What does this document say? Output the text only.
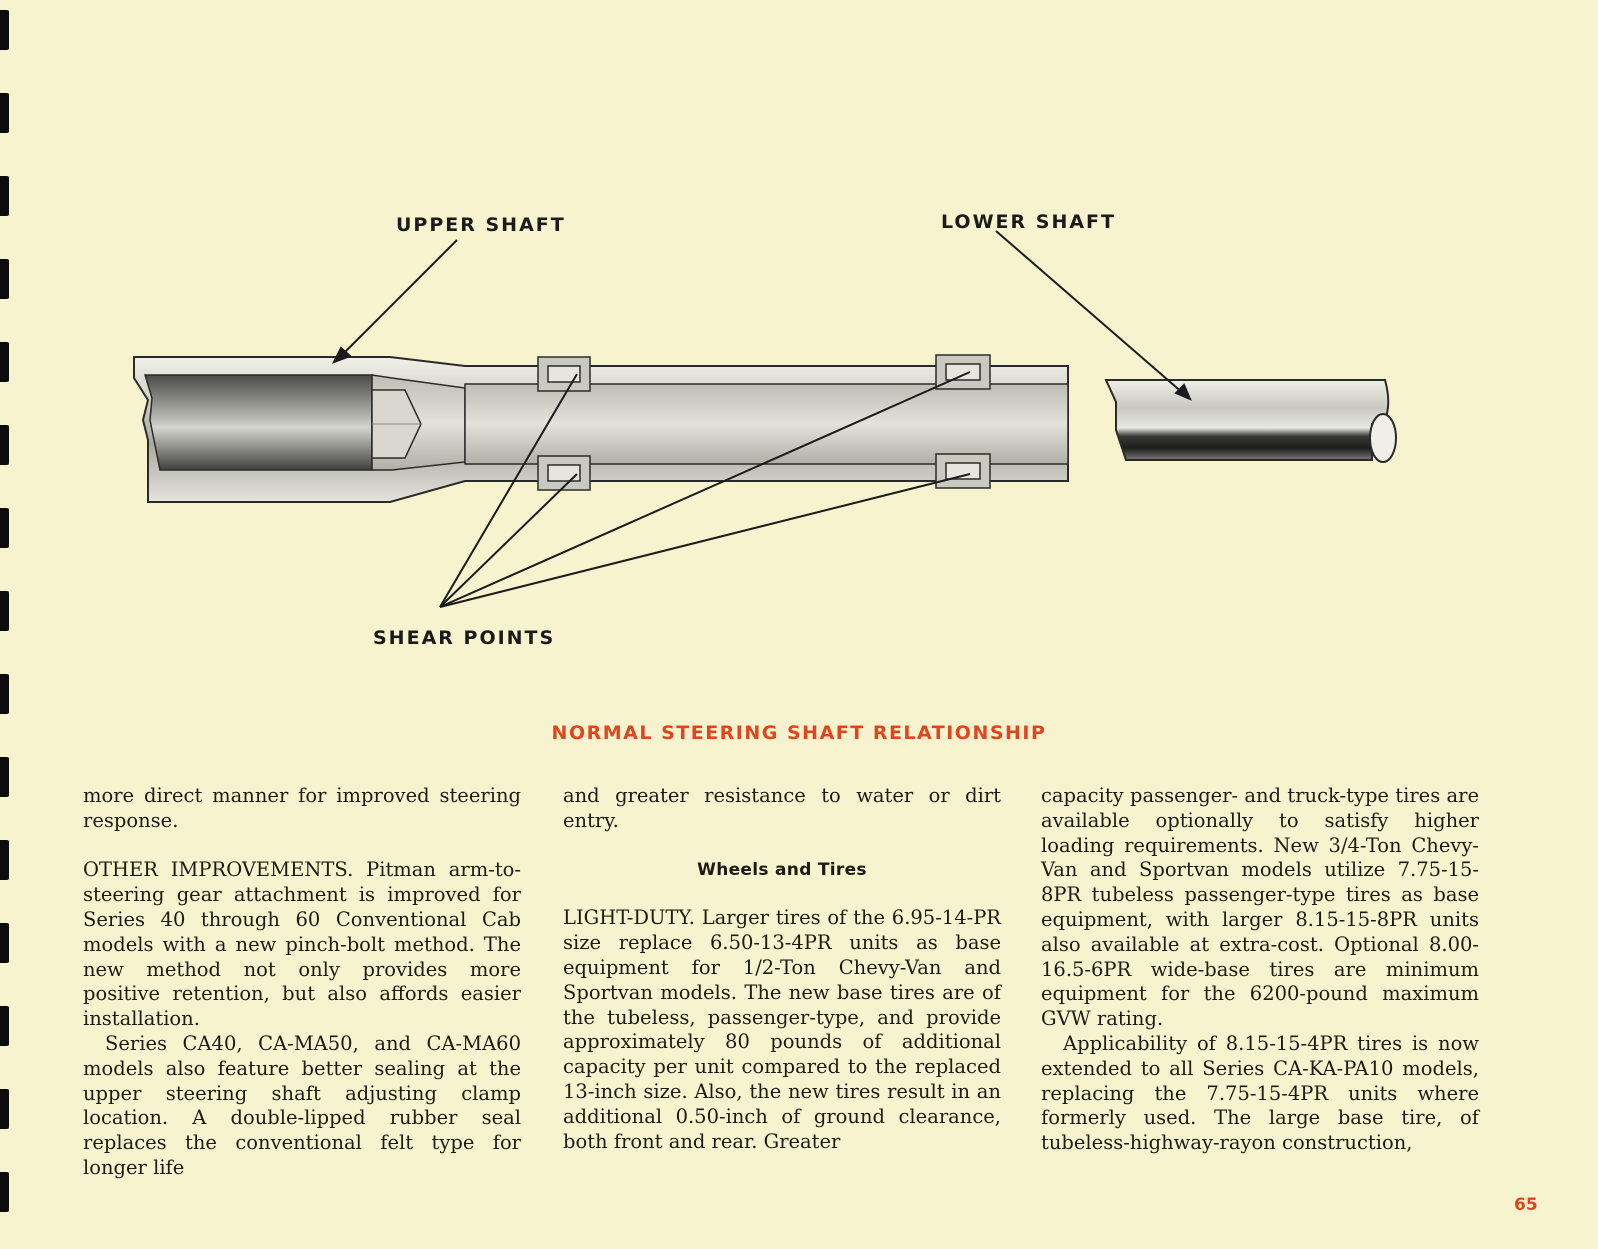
UPPER SHAFT	LOWER SHAFT
SHEAR POINTS
NORMAL STEERING SHAFT RELATIONSHIP

more direct manner for improved steering response.

OTHER IMPROVEMENTS. Pitman arm-to-steering gear attachment is improved for Series 40 through 60 Conventional Cab models with a new pinch-bolt method. The new method not only provides more positive retention, but also affords easier installation.

Series CA40, CA-MA50, and CA-MA60 models also feature better sealing at the upper steering shaft adjusting clamp location. A double-lipped rubber seal replaces the conventional felt type for longer life

and greater resistance to water or dirt entry.

Wheels and Tires

LIGHT-DUTY. Larger tires of the 6.95-14-PR size replace 6.50-13-4PR units as base equipment for 1/2-Ton Chevy-Van and Sportvan models. The new base tires are of the tubeless, passenger-type, and provide approximately 80 pounds of additional capacity per unit compared to the replaced 13-inch size. Also, the new tires result in an additional 0.50-inch of ground clearance, both front and rear. Greater

capacity passenger- and truck-type tires are available optionally to satisfy higher loading requirements. New 3/4-Ton Chevy-Van and Sportvan models utilize 7.75-15-8PR tubeless passenger-type tires as base equipment, with larger 8.15-15-8PR units also available at extra-cost. Optional 8.00-16.5-6PR wide-base tires are minimum equipment for the 6200-pound maximum GVW rating.

Applicability of 8.15-15-4PR tires is now extended to all Series CA-KA-PA10 models, replacing the 7.75-15-4PR units where formerly used. The large base tire, of tubeless-highway-rayon construction,

65
